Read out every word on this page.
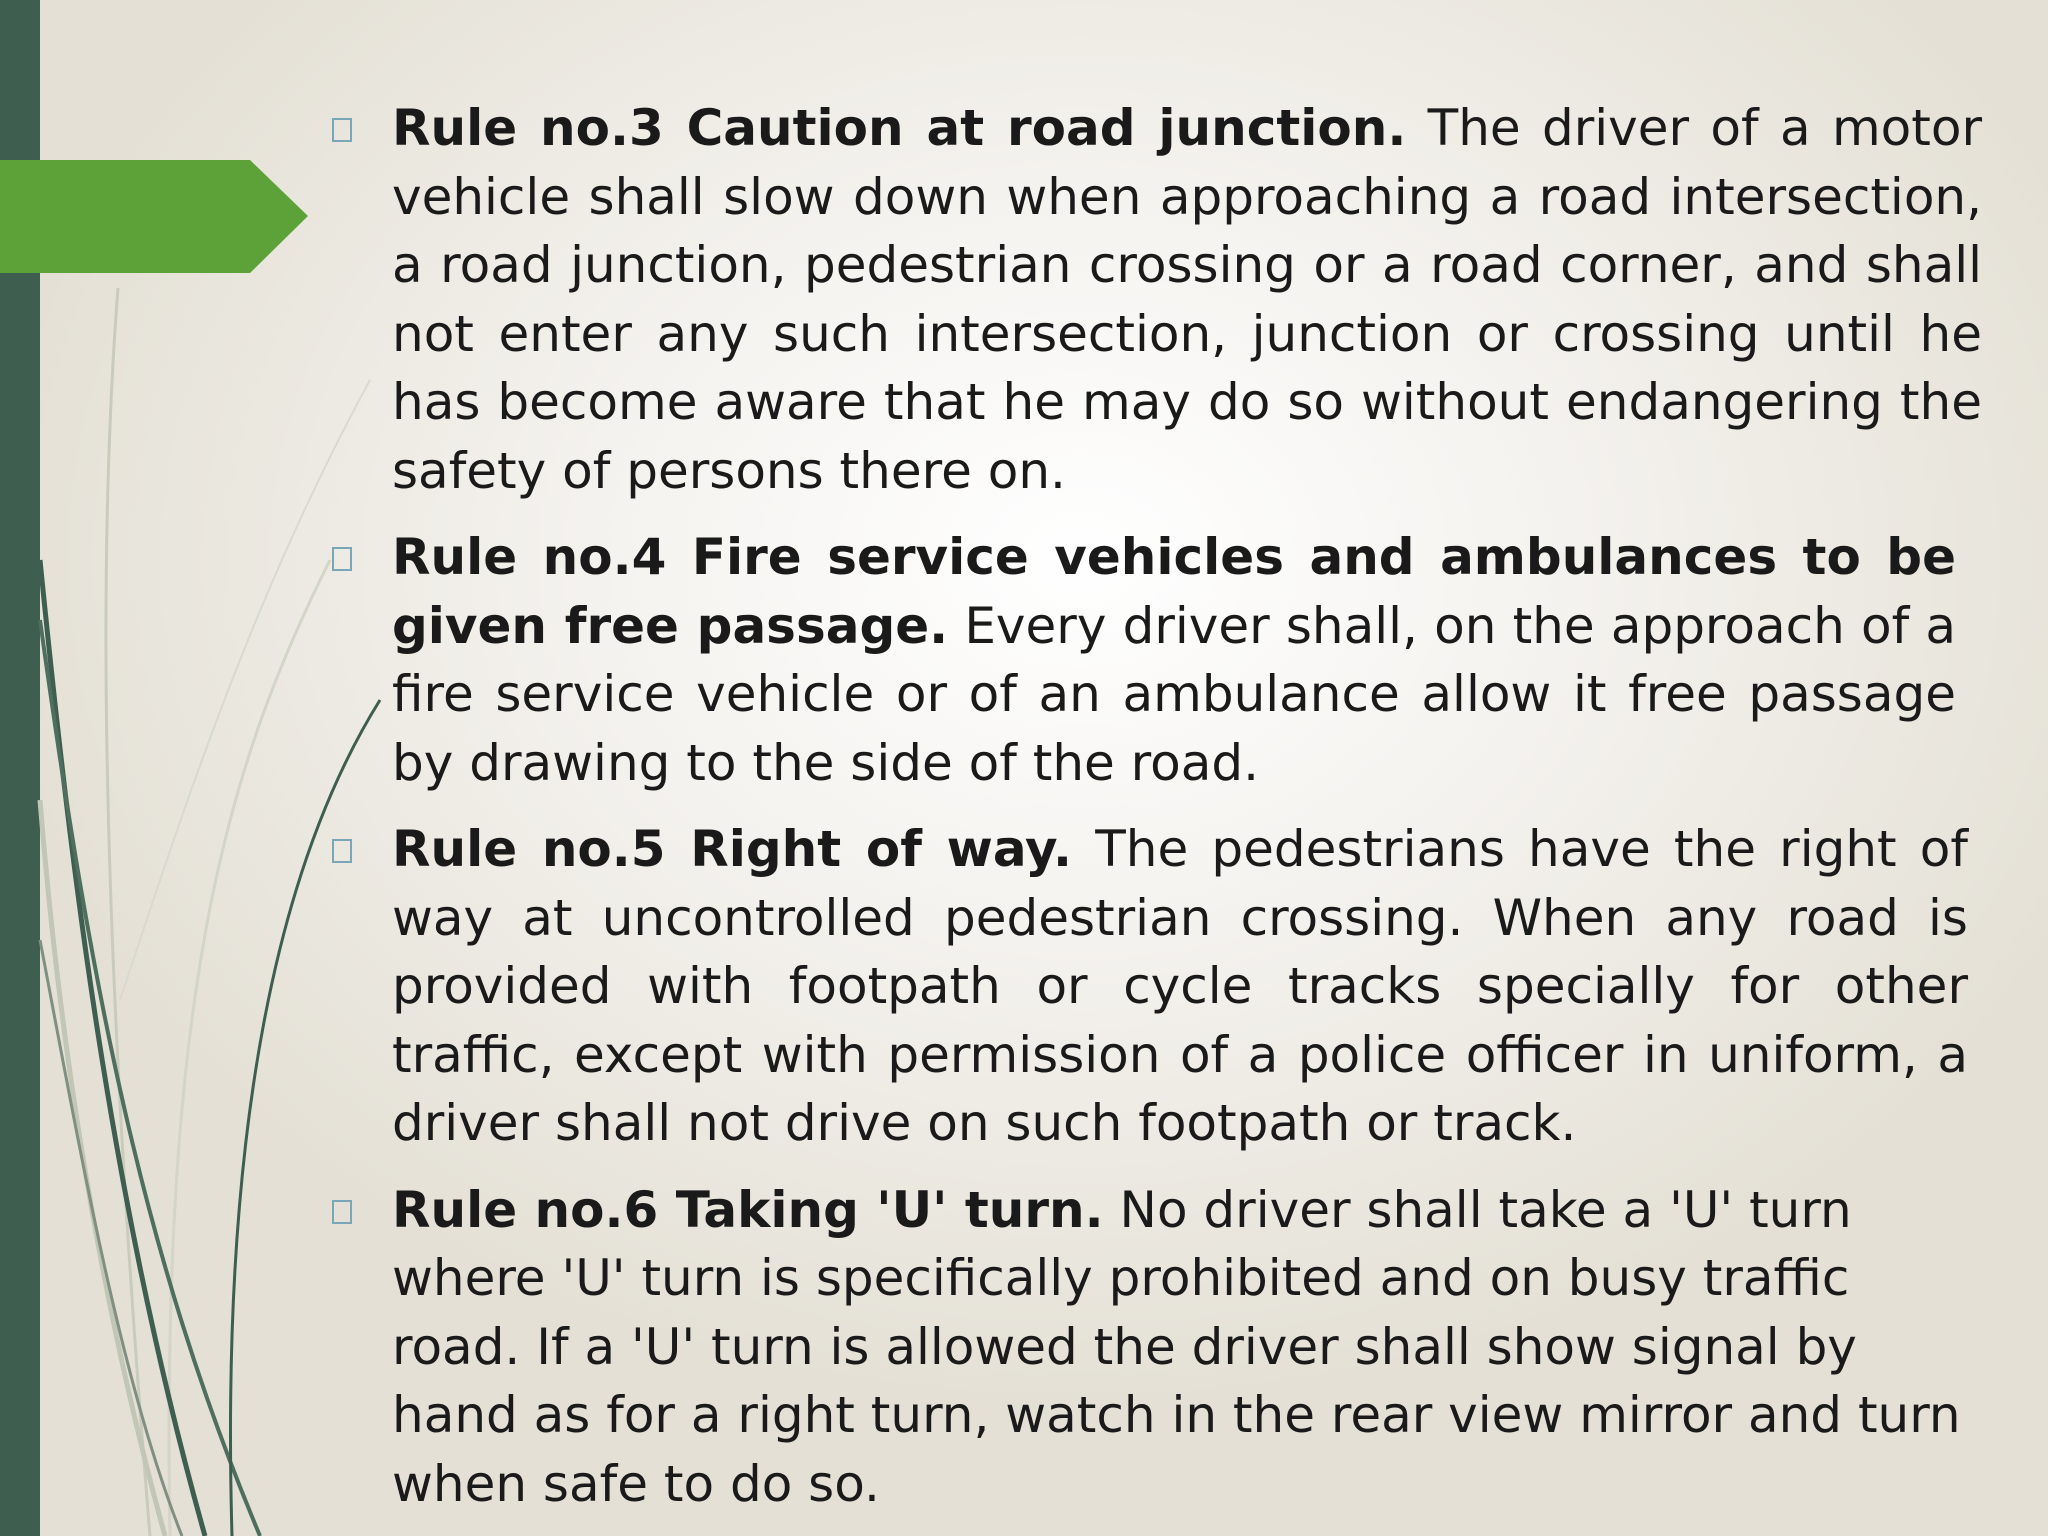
Rule no.3 Caution at road junction. The driver of a motor vehicle shall slow down when approaching a road intersection, a road junction, pedestrian crossing or a road corner, and shall not enter any such intersection, junction or crossing until he has become aware that he may do so without endangering the safety of persons there on.
Rule no.4 Fire service vehicles and ambulances to be given free passage. Every driver shall, on the approach of a fire service vehicle or of an ambulance allow it free passage by drawing to the side of the road.
Rule no.5 Right of way. The pedestrians have the right of way at uncontrolled pedestrian crossing. When any road is provided with footpath or cycle tracks specially for other traffic, except with permission of a police officer in uniform, a driver shall not drive on such footpath or track.
Rule no.6 Taking 'U' turn. No driver shall take a 'U' turn where 'U' turn is specifically prohibited and on busy traffic road. If a 'U' turn is allowed the driver shall show signal by hand as for a right turn, watch in the rear view mirror and turn when safe to do so.
